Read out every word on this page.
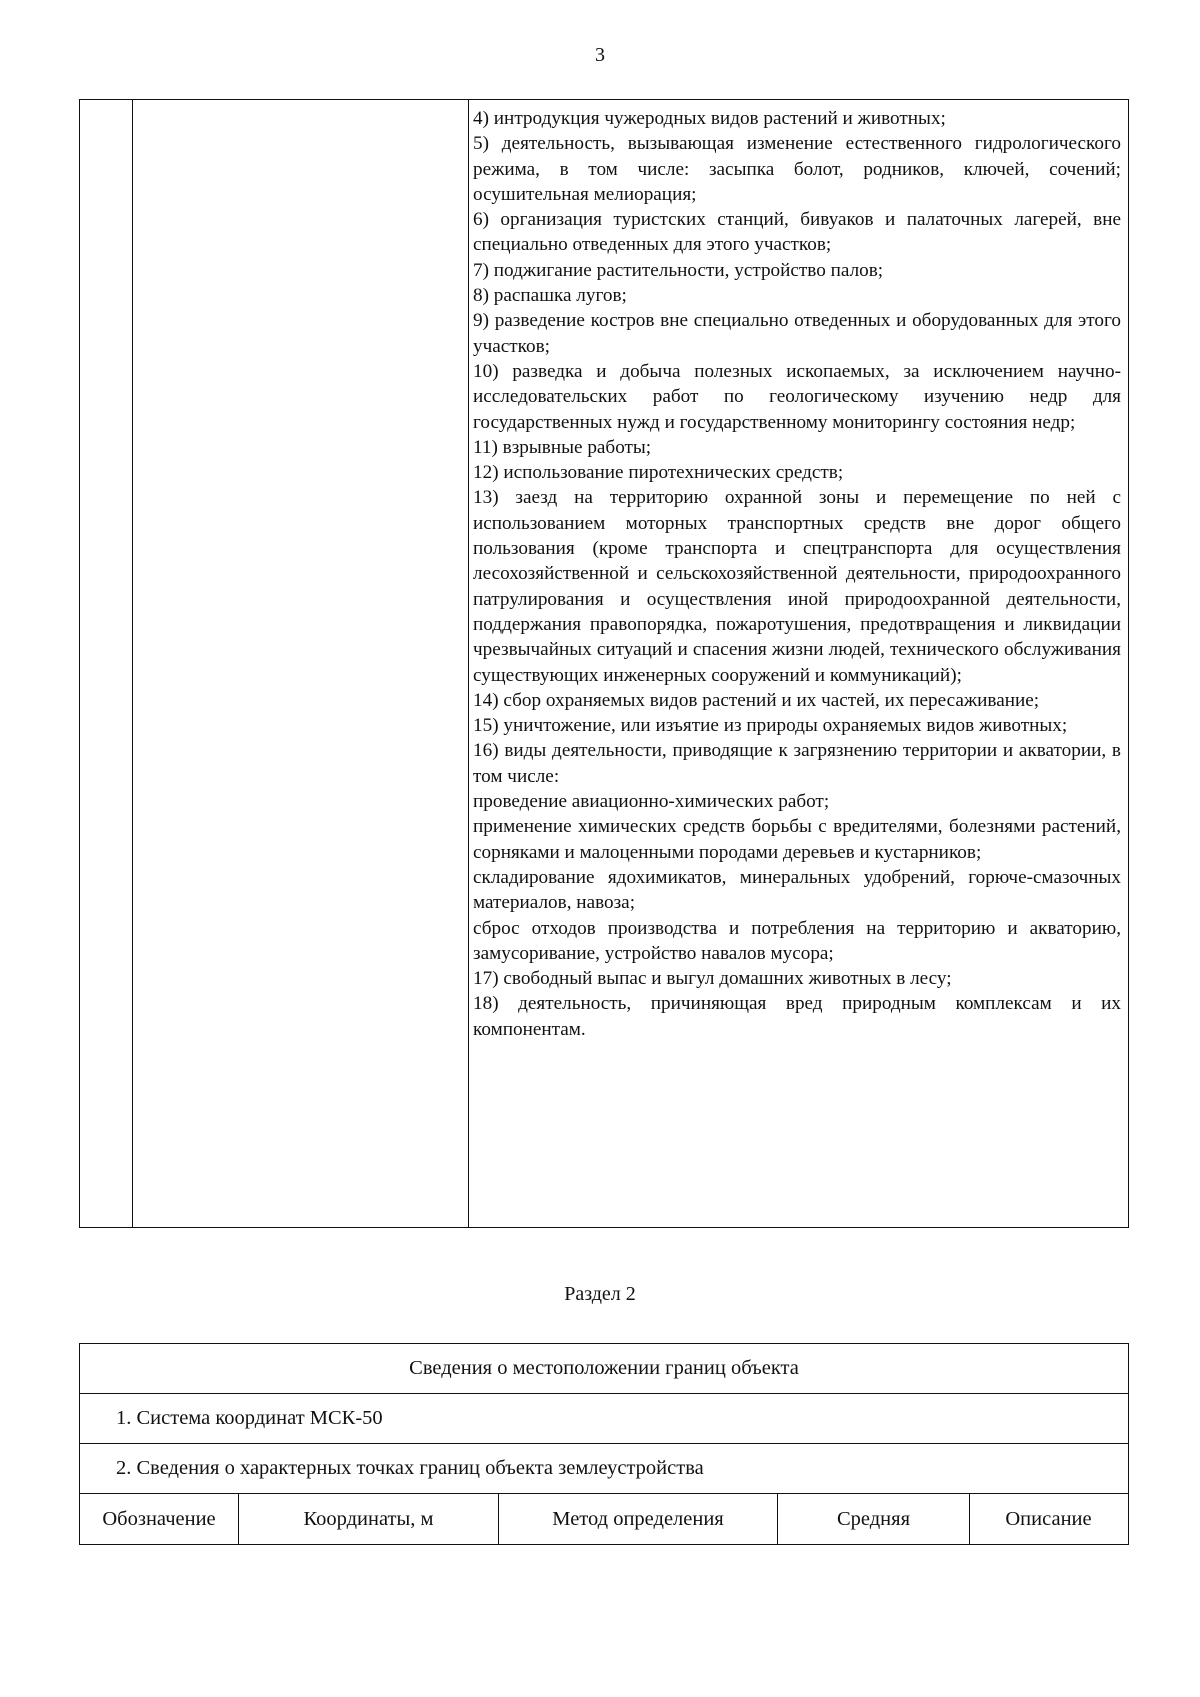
3

4) интродукция чужеродных видов растений и животных;

5) деятельность, вызывающая изменение естественного гидрологического режима, в том числе: засыпка болот, родников, ключей, сочений; осушительная мелиорация;

6) организация туристских станций, бивуаков и палаточных лагерей, вне специально отведенных для этого участков;

7) поджигание растительности, устройство палов;

8) распашка лугов;

9) разведение костров вне специально отведенных и оборудованных для этого участков;

10) разведка и добыча полезных ископаемых, за исключением научно-исследовательских работ по геологическому изучению недр для государственных нужд и государственному мониторингу состояния недр;

11) взрывные работы;

12) использование пиротехнических средств;

13) заезд на территорию охранной зоны и перемещение по ней с использованием моторных транспортных средств вне дорог общего пользования (кроме транспорта и спецтранспорта для осуществления лесохозяйственной и сельскохозяйственной деятельности, природоохранного патрулирования и осуществления иной природоохранной деятельности, поддержания правопорядка, пожаротушения, предотвращения и ликвидации чрезвычайных ситуаций и спасения жизни людей, технического обслуживания существующих инженерных сооружений и коммуникаций);

14) сбор охраняемых видов растений и их частей, их пересаживание;

15) уничтожение, или изъятие из природы охраняемых видов животных;

16) виды деятельности, приводящие к загрязнению территории и акватории, в том числе:

проведение авиационно-химических работ;

применение химических средств борьбы с вредителями, болезнями растений, сорняками и малоценными породами деревьев и кустарников;

складирование ядохимикатов, минеральных удобрений, горюче-смазочных материалов, навоза;

сброс отходов производства и потребления на территорию и акваторию, замусоривание, устройство навалов мусора;

17) свободный выпас и выгул домашних животных в лесу;

18) деятельность, причиняющая вред природным комплексам и их компонентам.

Раздел 2
Сведения о местоположении границ объекта
1. Система координат МСК-50
2. Сведения о характерных точках границ объекта землеустройства
Обозначение	Координаты, м	Метод определения	Средняя	Описание
